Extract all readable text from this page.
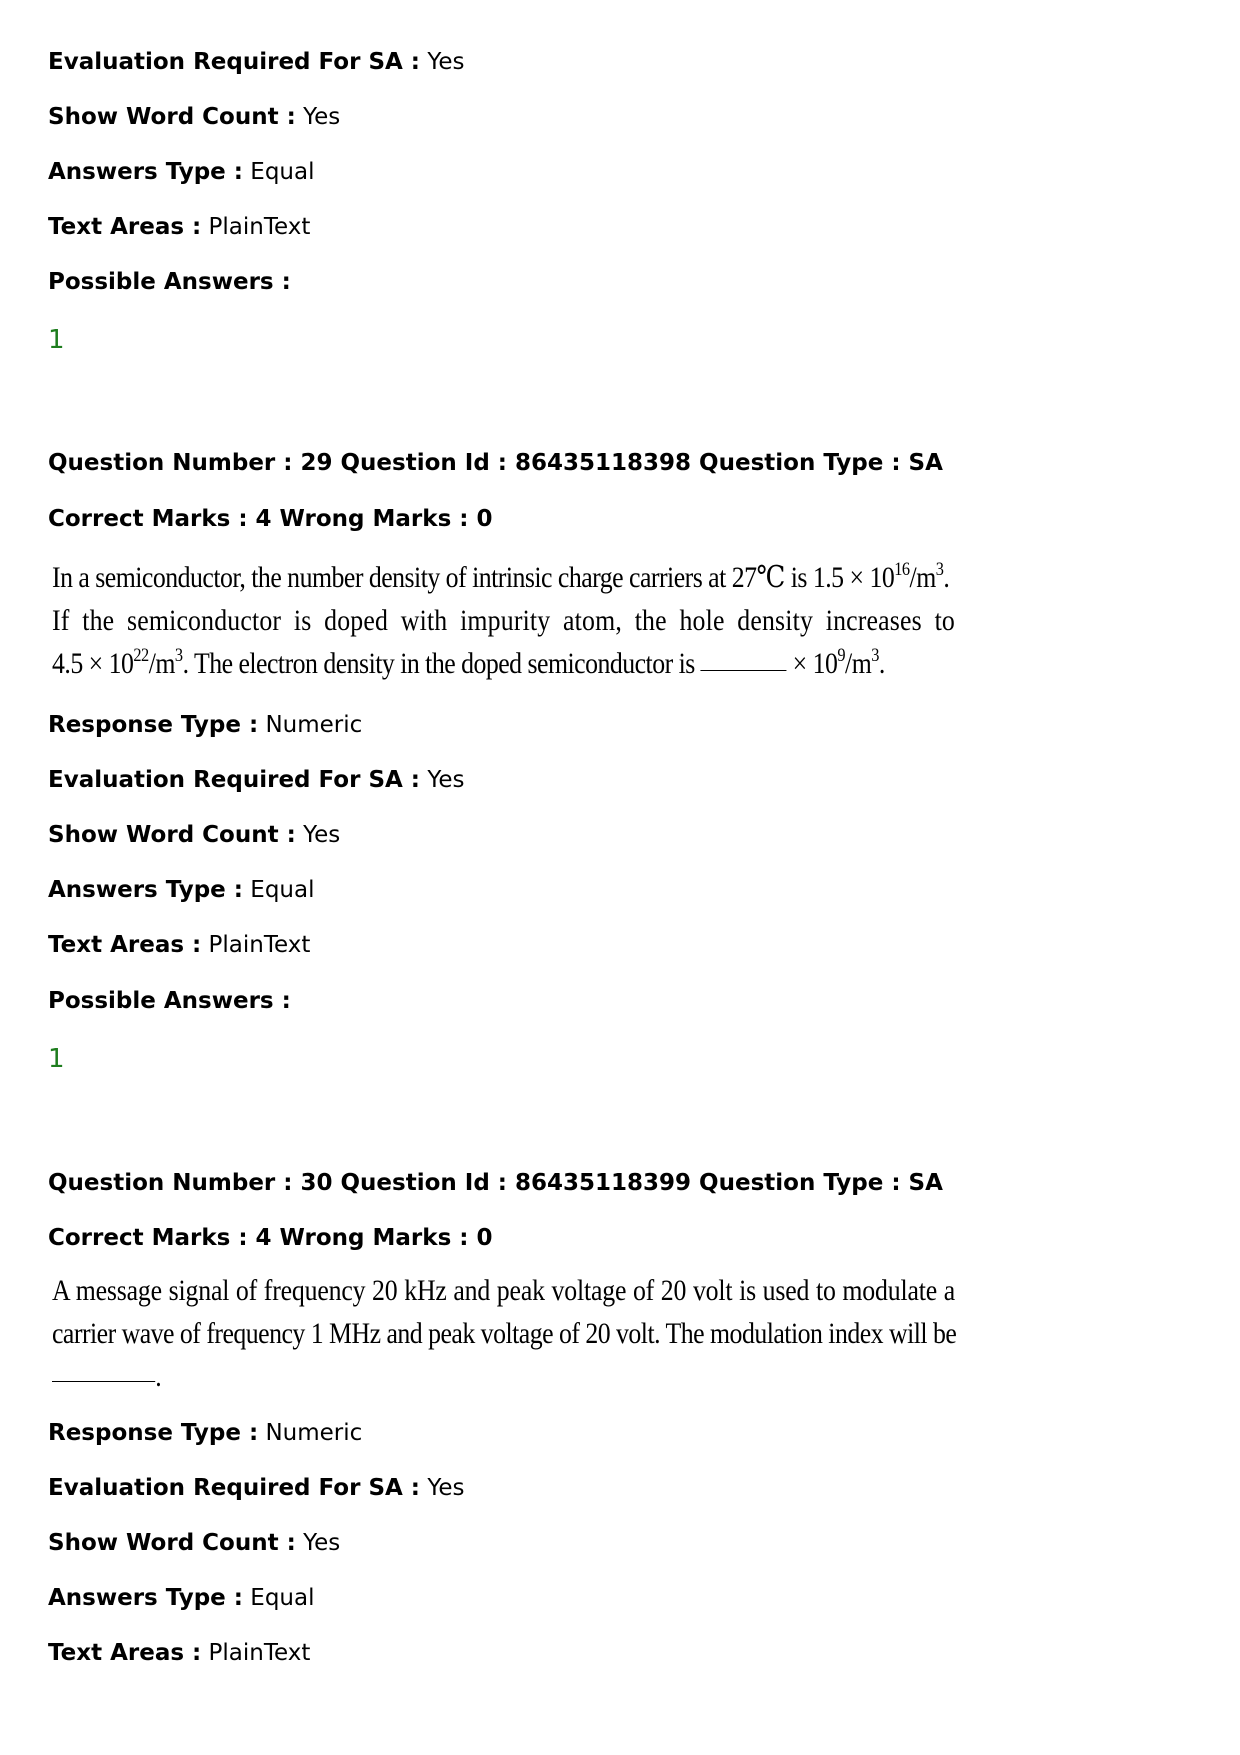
Evaluation Required For SA : Yes
Show Word Count : Yes
Answers Type : Equal
Text Areas : PlainText
Possible Answers :
1
Question Number : 29 Question Id : 86435118398 Question Type : SA
Correct Marks : 4 Wrong Marks : 0
In a semiconductor, the number density of intrinsic charge carriers at 27℃ is $1.5 \times 10^{16}/m^3$.
If the semiconductor is doped with impurity atom, the hole density increases to
$4.5 \times 10^{22}/m^3$. The electron density in the doped semiconductor is	× $10^9/m^3$.
Response Type : Numeric
Evaluation Required For SA : Yes
Show Word Count : Yes
Answers Type : Equal
Text Areas : PlainText
Possible Answers :
1
Question Number : 30 Question Id : 86435118399 Question Type : SA
Correct Marks : 4 Wrong Marks : 0
A message signal of frequency 20 kHz and peak voltage of 20 volt is used to modulate a
carrier wave of frequency 1 MHz and peak voltage of 20 volt. The modulation index will be
.
Response Type : Numeric
Evaluation Required For SA : Yes
Show Word Count : Yes
Answers Type : Equal
Text Areas : PlainText
